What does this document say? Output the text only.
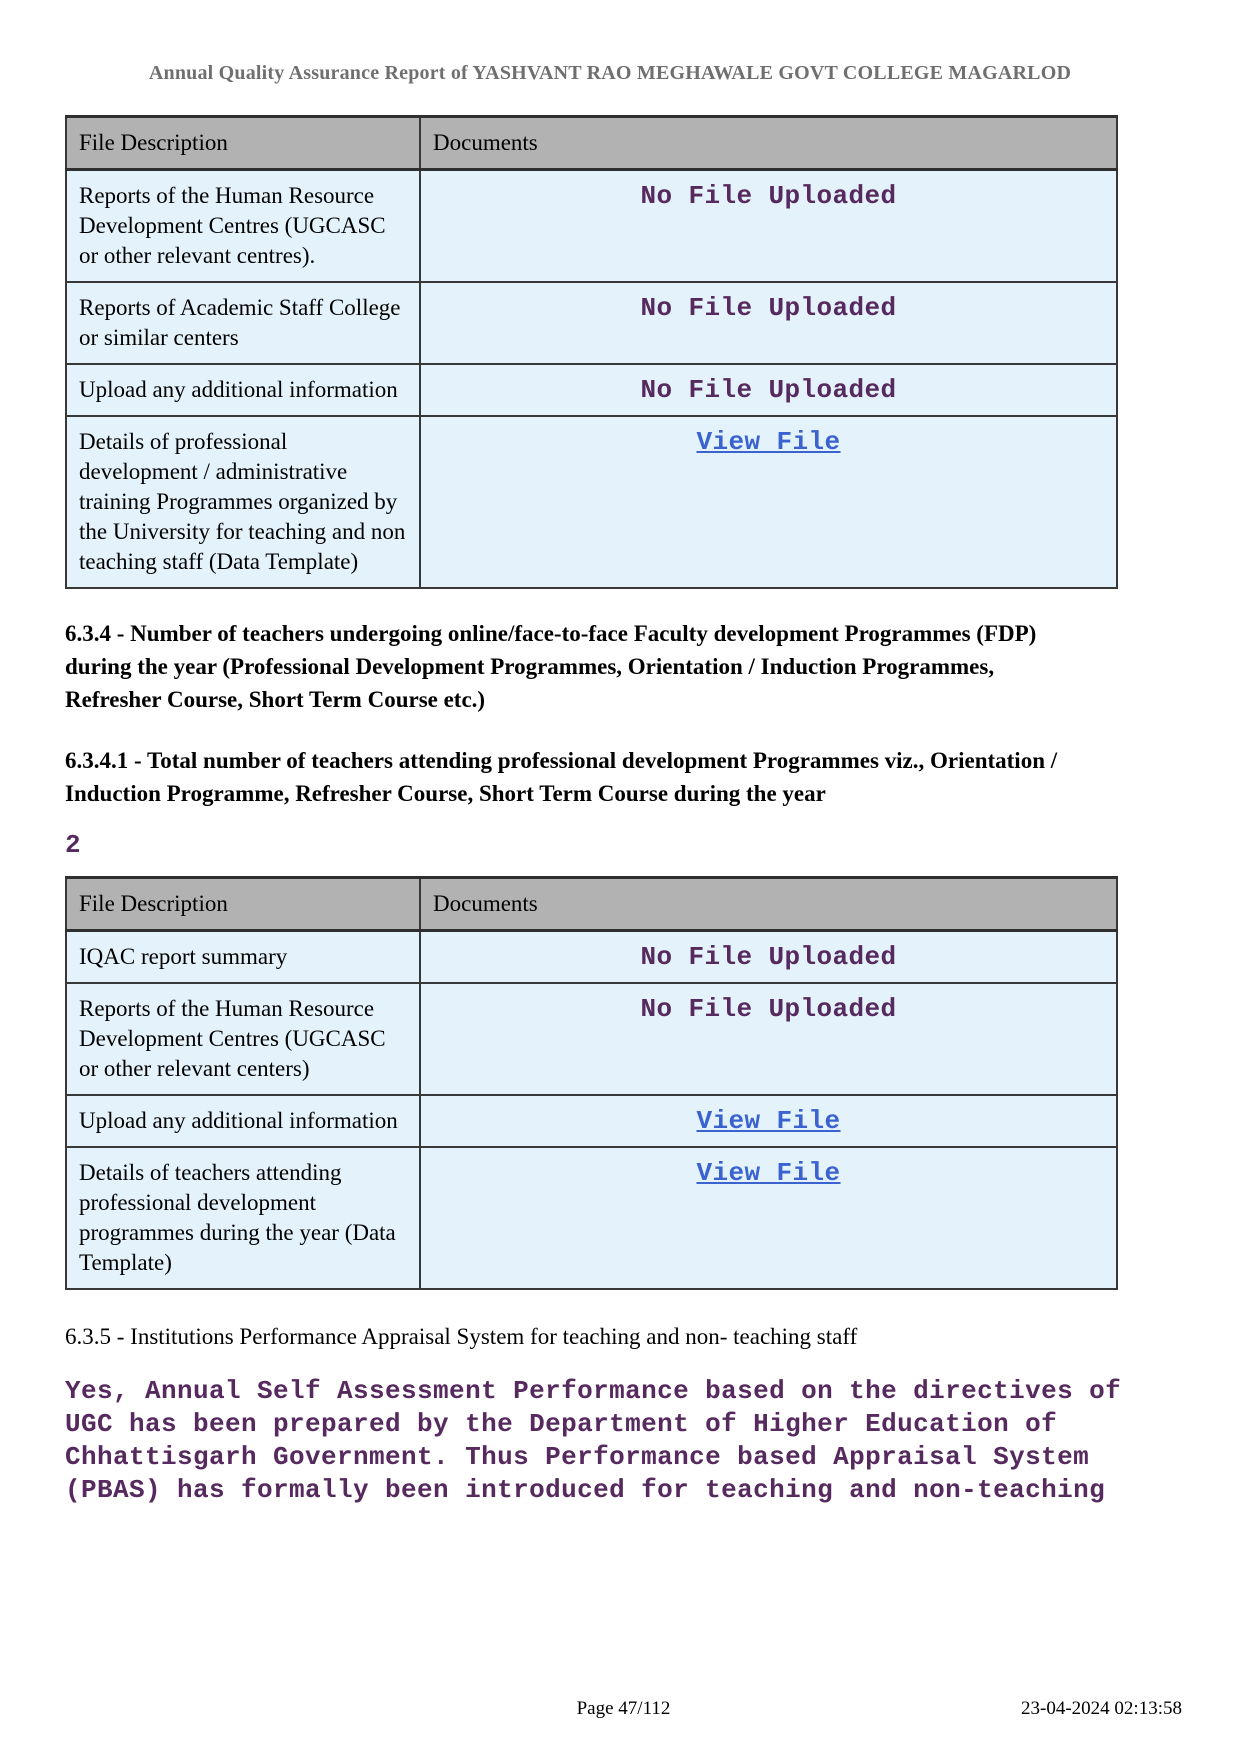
Annual Quality Assurance Report of YASHVANT RAO MEGHAWALE GOVT COLLEGE MAGARLOD
File Description	Documents
Reports of the Human Resource Development Centres (UGCASC or other relevant centres).	No File Uploaded
Reports of Academic Staff College or similar centers	No File Uploaded
Upload any additional information	No File Uploaded
Details of professional development / administrative training Programmes organized by the University for teaching and non teaching staff (Data Template)	View File
6.3.4 - Number of teachers undergoing online/face-to-face Faculty development Programmes (FDP) during the year (Professional Development Programmes, Orientation / Induction Programmes, Refresher Course, Short Term Course etc.)
6.3.4.1 - Total number of teachers attending professional development Programmes viz., Orientation / Induction Programme, Refresher Course, Short Term Course during the year
2
File Description	Documents
IQAC report summary	No File Uploaded
Reports of the Human Resource Development Centres (UGCASC or other relevant centers)	No File Uploaded
Upload any additional information	View File
Details of teachers attending professional development programmes during the year (Data Template)	View File
6.3.5 - Institutions Performance Appraisal System for teaching and non- teaching staff
Yes, Annual Self Assessment Performance based on the directives of UGC has been prepared by the Department of Higher Education of Chhattisgarh Government. Thus Performance based Appraisal System (PBAS) has formally been introduced for teaching and non-teaching
Page 47/112	23-04-2024 02:13:58
